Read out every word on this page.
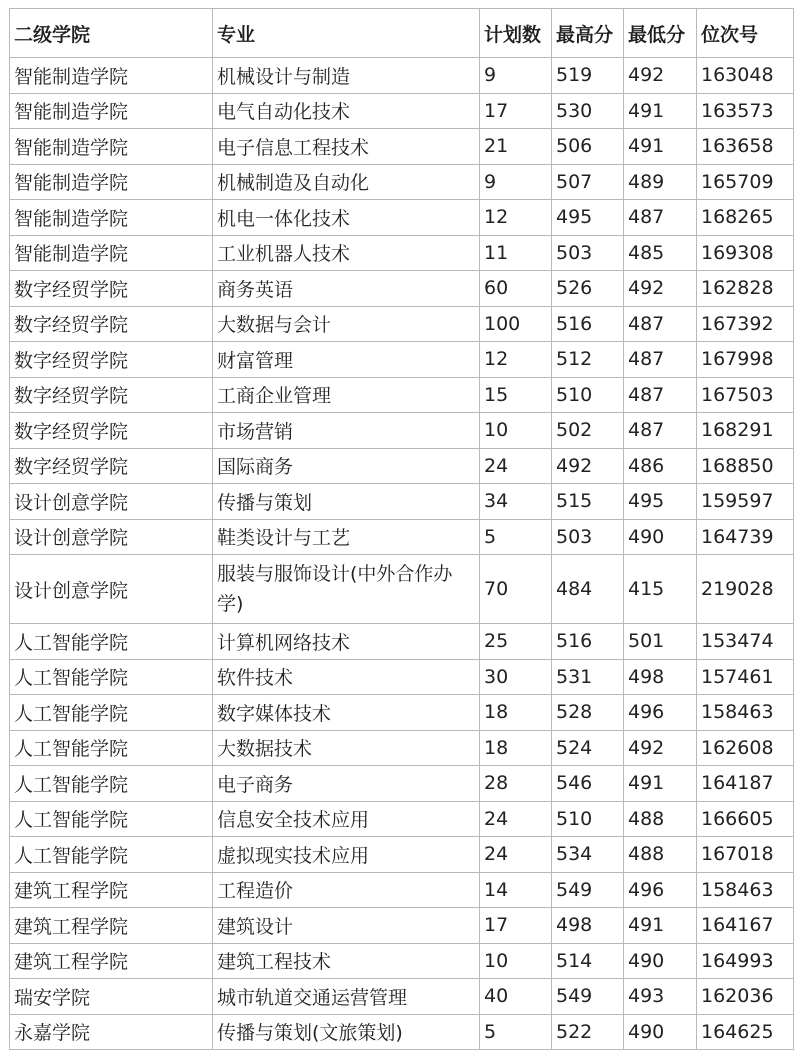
二级学院	专业	计划数	最高分	最低分	位次号
智能制造学院	机械设计与制造	9	519	492	163048
智能制造学院	电气自动化技术	17	530	491	163573
智能制造学院	电子信息工程技术	21	506	491	163658
智能制造学院	机械制造及自动化	9	507	489	165709
智能制造学院	机电一体化技术	12	495	487	168265
智能制造学院	工业机器人技术	11	503	485	169308
数字经贸学院	商务英语	60	526	492	162828
数字经贸学院	大数据与会计	100	516	487	167392
数字经贸学院	财富管理	12	512	487	167998
数字经贸学院	工商企业管理	15	510	487	167503
数字经贸学院	市场营销	10	502	487	168291
数字经贸学院	国际商务	24	492	486	168850
设计创意学院	传播与策划	34	515	495	159597
设计创意学院	鞋类设计与工艺	5	503	490	164739
设计创意学院	服装与服饰设计(中外合作办学)	70	484	415	219028
人工智能学院	计算机网络技术	25	516	501	153474
人工智能学院	软件技术	30	531	498	157461
人工智能学院	数字媒体技术	18	528	496	158463
人工智能学院	大数据技术	18	524	492	162608
人工智能学院	电子商务	28	546	491	164187
人工智能学院	信息安全技术应用	24	510	488	166605
人工智能学院	虚拟现实技术应用	24	534	488	167018
建筑工程学院	工程造价	14	549	496	158463
建筑工程学院	建筑设计	17	498	491	164167
建筑工程学院	建筑工程技术	10	514	490	164993
瑞安学院	城市轨道交通运营管理	40	549	493	162036
永嘉学院	传播与策划(文旅策划)	5	522	490	164625
